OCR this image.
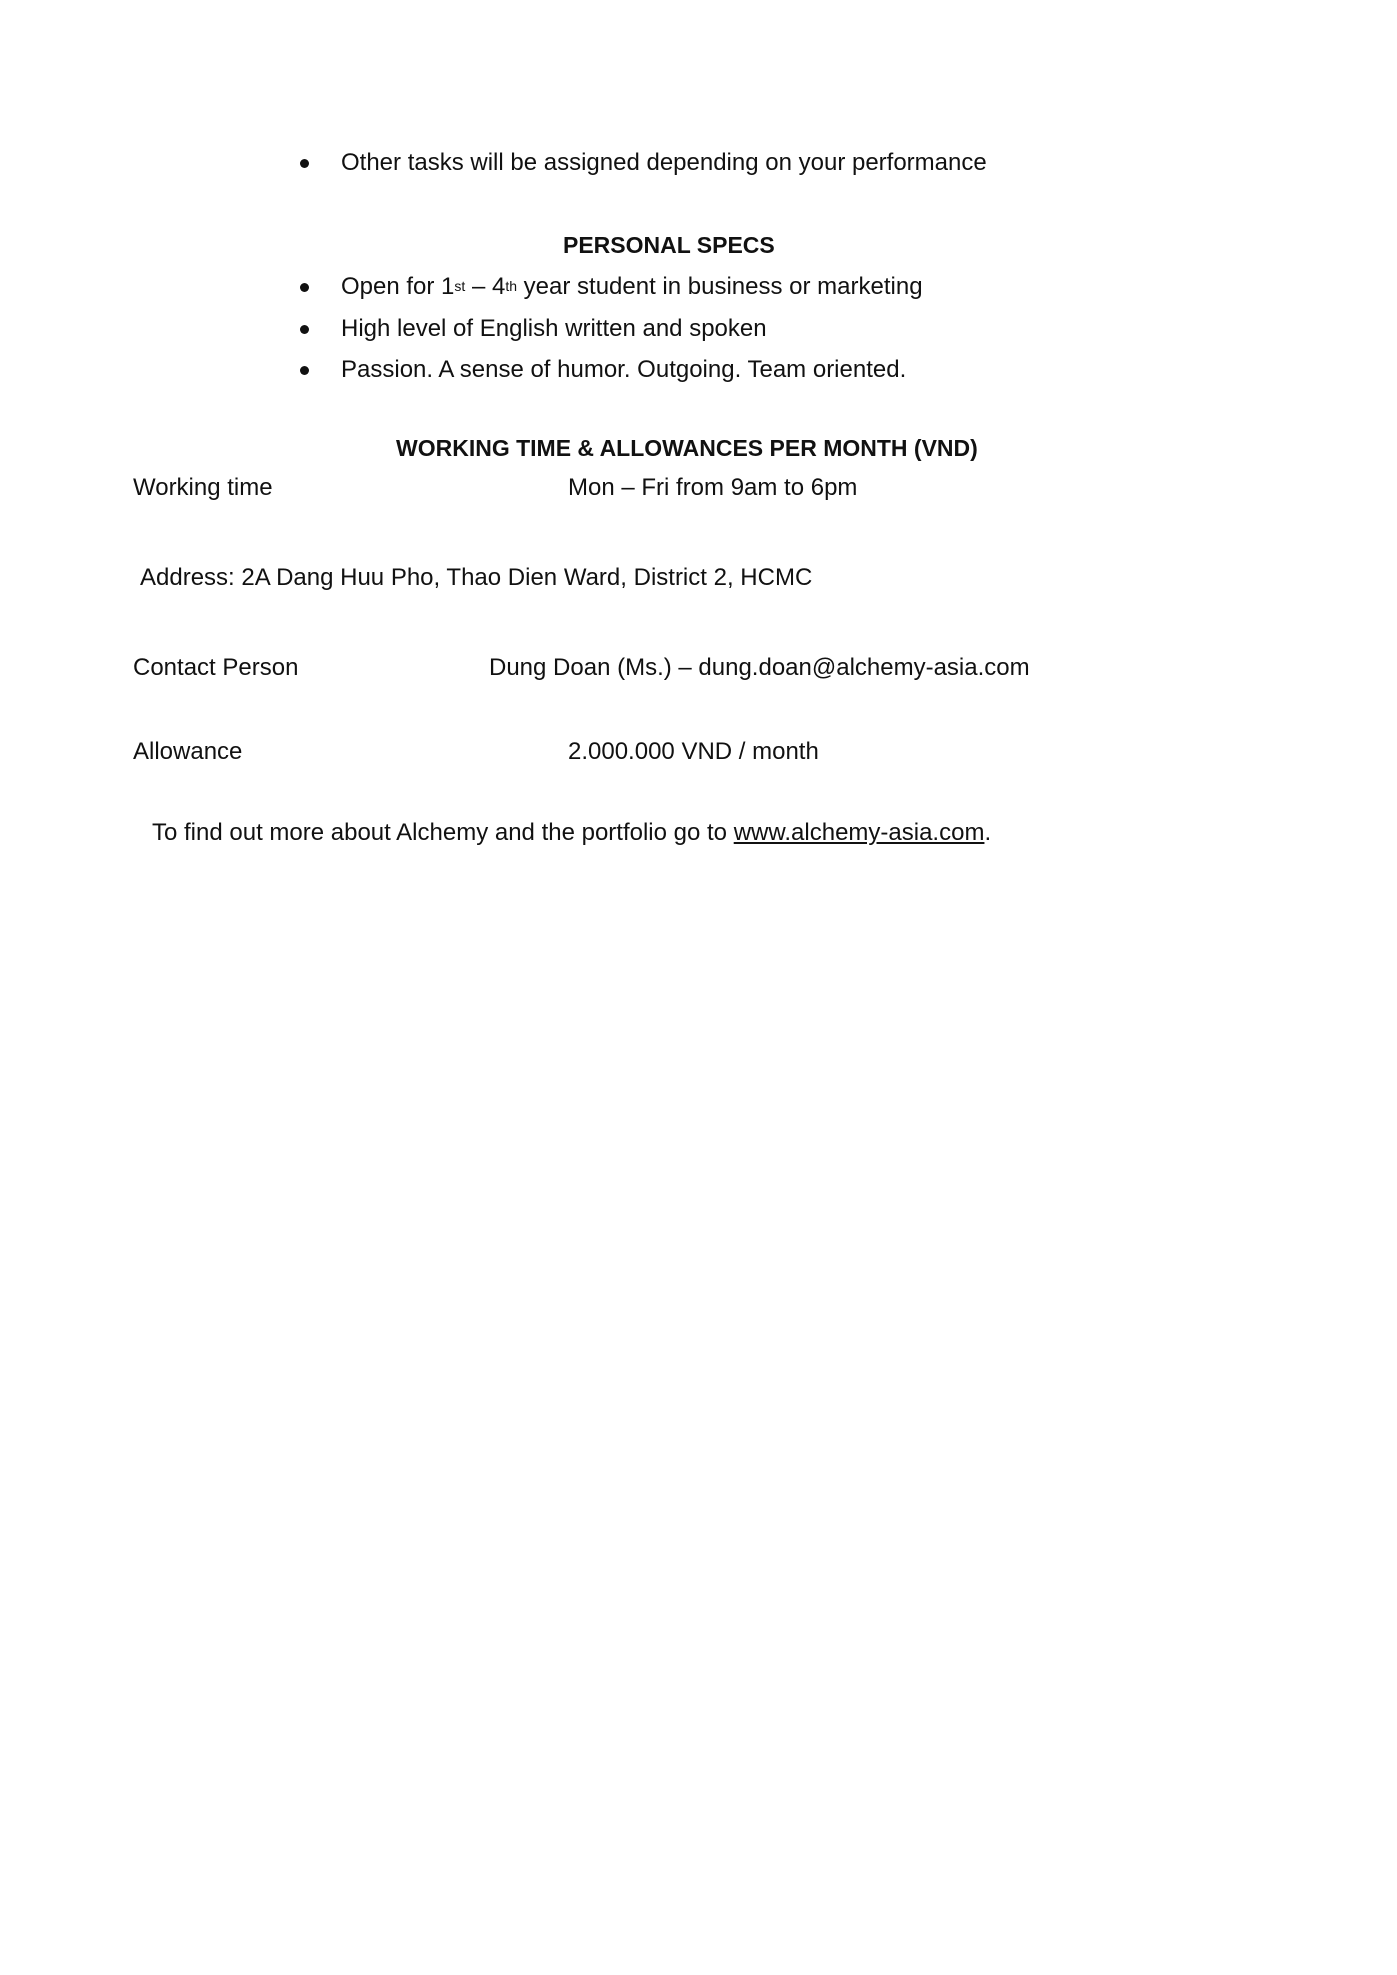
Other tasks will be assigned depending on your performance
PERSONAL SPECS
Open for 1st – 4th year student in business or marketing
High level of English written and spoken
Passion. A sense of humor. Outgoing. Team oriented.
WORKING TIME & ALLOWANCES PER MONTH (VND)
Working time	Mon – Fri from 9am to 6pm
Address: 2A Dang Huu Pho, Thao Dien Ward, District 2, HCMC
Contact Person	Dung Doan (Ms.) – dung.doan@alchemy-asia.com
Allowance	2.000.000 VND / month
To find out more about Alchemy and the portfolio go to www.alchemy-asia.com.
